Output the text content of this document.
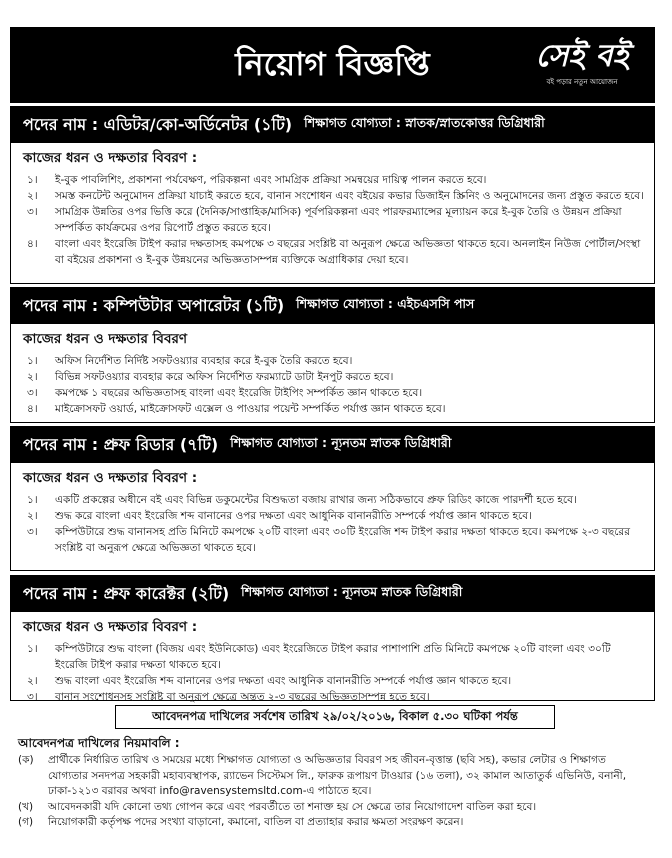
নিয়োগ বিজ্ঞপ্তি	সেই বই
বই পড়ার নতুন আয়োজন
পদের নাম : এডিটর/কো-অর্ডিনেটর (১টি) শিক্ষাগত যোগ্যতা : স্নাতক/স্নাতকোত্তর ডিগ্রিধারী
কাজের ধরন ও দক্ষতার বিবরণ :
১।	ই-বুক পাবলিশিং, প্রকাশনা পর্যবেক্ষণ, পরিকল্পনা এবং সামগ্রিক প্রক্রিয়া সমন্বয়ের দায়িত্ব পালন করতে হবে।
২।	সমস্ত কনটেন্ট অনুমোদন প্রক্রিয়া যাচাই করতে হবে, বানান সংশোধন এবং বইয়ের কভার ডিজাইন স্ক্রিনিং ও অনুমোদনের জন্য প্রস্তুত করতে হবে।
৩।	সামগ্রিক উন্নতির ওপর ভিত্তি করে (দৈনিক/সাপ্তাহিক/মাসিক) পূর্বপরিকল্পনা এবং পারফরম্যান্সের মূল্যায়ন করে ই-বুক তৈরি ও উন্নয়ন প্রক্রিয়া সম্পর্কিত কার্যক্রমের ওপর রিপোর্ট প্রস্তুত করতে হবে।
৪।	বাংলা এবং ইংরেজি টাইপ করার দক্ষতাসহ কমপক্ষে ৩ বছরের সংশ্লিষ্ট বা অনুরূপ ক্ষেত্রে অভিজ্ঞতা থাকতে হবে। অনলাইন নিউজ পোর্টাল/সংস্থা বা বইয়ের প্রকাশনা ও ই-বুক উন্নয়নের অভিজ্ঞতাসম্পন্ন ব্যক্তিকে অগ্রাধিকার দেয়া হবে।
পদের নাম : কম্পিউটার অপারেটর (১টি) শিক্ষাগত যোগ্যতা : এইচএসসি পাস
কাজের ধরন ও দক্ষতার বিবরণ
১।	অফিস নির্দেশিত নির্দিষ্ট সফটওয়্যার ব্যবহার করে ই-বুক তৈরি করতে হবে।
২।	বিভিন্ন সফটওয়্যার ব্যবহার করে অফিস নির্দেশিত ফরম্যাটে ডাটা ইনপুট করতে হবে।
৩।	কমপক্ষে ১ বছরের অভিজ্ঞতাসহ বাংলা এবং ইংরেজি টাইপিং সম্পর্কিত জ্ঞান থাকতে হবে।
৪।	মাইক্রোসফট ওয়ার্ড, মাইক্রোসফট এক্সেল ও পাওয়ার পয়েন্ট সম্পর্কিত পর্যাপ্ত জ্ঞান থাকতে হবে।
পদের নাম : প্রুফ রিডার (৭টি) শিক্ষাগত যোগ্যতা : ন্যূনতম স্নাতক ডিগ্রিধারী
কাজের ধরন ও দক্ষতার বিবরণ :
১।	একটি প্রকল্পের অধীনে বই এবং বিভিন্ন ডকুমেন্টের বিশুদ্ধতা বজায় রাখার জন্য সঠিকভাবে প্রুফ রিডিং কাজে পারদর্শী হতে হবে।
২।	শুদ্ধ করে বাংলা এবং ইংরেজি শব্দ বানানের ওপর দক্ষতা এবং আধুনিক বানানরীতি সম্পর্কে পর্যাপ্ত জ্ঞান থাকতে হবে।
৩।	কম্পিউটারে শুদ্ধ বানানসহ প্রতি মিনিটে কমপক্ষে ২০টি বাংলা এবং ৩০টি ইংরেজি শব্দ টাইপ করার দক্ষতা থাকতে হবে। কমপক্ষে ২-৩ বছরের সংশ্লিষ্ট বা অনুরূপ ক্ষেত্রে অভিজ্ঞতা থাকতে হবে।
পদের নাম : প্রুফ কারেক্টর (২টি) শিক্ষাগত যোগ্যতা : ন্যূনতম স্নাতক ডিগ্রিধারী
কাজের ধরন ও দক্ষতার বিবরণ :
১।	কম্পিউটারে শুদ্ধ বাংলা (বিজয় এবং ইউনিকোড) এবং ইংরেজিতে টাইপ করার পাশাপাশি প্রতি মিনিটে কমপক্ষে ২০টি বাংলা এবং ৩০টি ইংরেজি টাইপ করার দক্ষতা থাকতে হবে।
২।	শুদ্ধ বাংলা এবং ইংরেজি শব্দ বানানের ওপর দক্ষতা এবং আধুনিক বানানরীতি সম্পর্কে পর্যাপ্ত জ্ঞান থাকতে হবে।
৩।	বানান সংশোধনসহ সংশ্লিষ্ট বা অনুরূপ ক্ষেত্রে অন্তত ২-৩ বছরের অভিজ্ঞতাসম্পন্ন হতে হবে।
আবেদনপত্র দাখিলের সর্বশেষ তারিখ ২৯/০২/২০১৬, বিকাল ৫.৩০ ঘটিকা পর্যন্ত
আবেদনপত্র দাখিলের নিয়মাবলি :
(ক)	প্রার্থীকে নির্ধারিত তারিখ ও সময়ের মধ্যে শিক্ষাগত যোগ্যতা ও অভিজ্ঞতার বিবরণ সহ জীবন-বৃত্তান্ত (ছবি সহ), কভার লেটার ও শিক্ষাগত যোগ্যতার সনদপত্র সহকারী মহাব্যবস্থাপক, র‍্যাভেন সিস্টেমস লি., ফারুক রূপায়ণ টাওয়ার (১৬ তলা), ৩২ কামাল আতাতুর্ক এভিনিউ, বনানী, ঢাকা-১২১৩ বরাবর অথবা info@ravensystemsltd.com-এ পাঠাতে হবে।
(খ)	আবেদনকারী যদি কোনো তথ্য গোপন করে এবং পরবর্তীতে তা শনাক্ত হয় সে ক্ষেত্রে তার নিয়োগাদেশ বাতিল করা হবে।
(গ)	নিয়োগকারী কর্তৃপক্ষ পদের সংখ্যা বাড়ানো, কমানো, বাতিল বা প্রত্যাহার করার ক্ষমতা সংরক্ষণ করেন।
